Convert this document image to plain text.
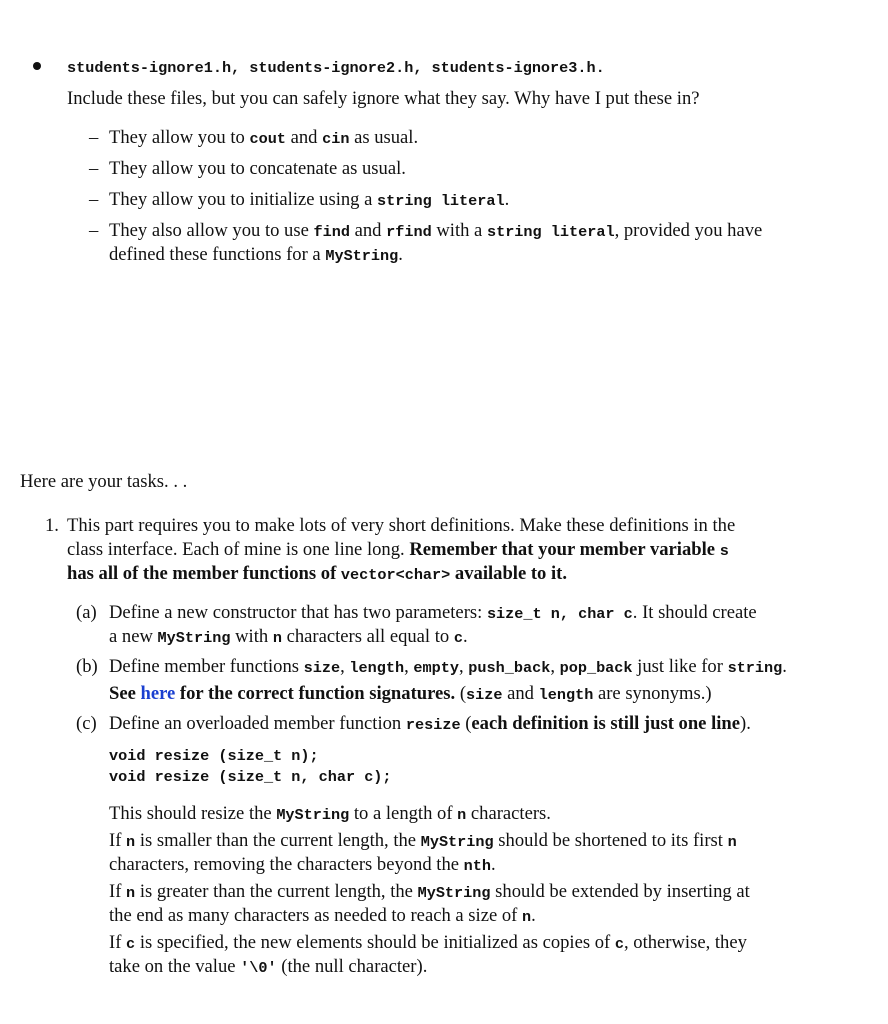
students-ignore1.h, students-ignore2.h, students-ignore3.h.
Include these files, but you can safely ignore what they say. Why have I put these in?
– They allow you to cout and cin as usual.
– They allow you to concatenate as usual.
– They allow you to initialize using a string literal.
– They also allow you to use find and rfind with a string literal, provided you have
defined these functions for a MyString.
Here are your tasks. . .
1. This part requires you to make lots of very short definitions. Make these definitions in the
class interface. Each of mine is one line long. Remember that your member variable s
has all of the member functions of vector<char> available to it.
(a) Define a new constructor that has two parameters: size_t n, char c. It should create
a new MyString with n characters all equal to c.
(b) Define member functions size, length, empty, push_back, pop_back just like for string.
See here for the correct function signatures. (size and length are synonyms.)
(c) Define an overloaded member function resize (each definition is still just one line).
void resize (size_t n);
void resize (size_t n, char c);
This should resize the MyString to a length of n characters.
If n is smaller than the current length, the MyString should be shortened to its first n
characters, removing the characters beyond the nth.
If n is greater than the current length, the MyString should be extended by inserting at
the end as many characters as needed to reach a size of n.
If c is specified, the new elements should be initialized as copies of c, otherwise, they
take on the value '\0' (the null character).
